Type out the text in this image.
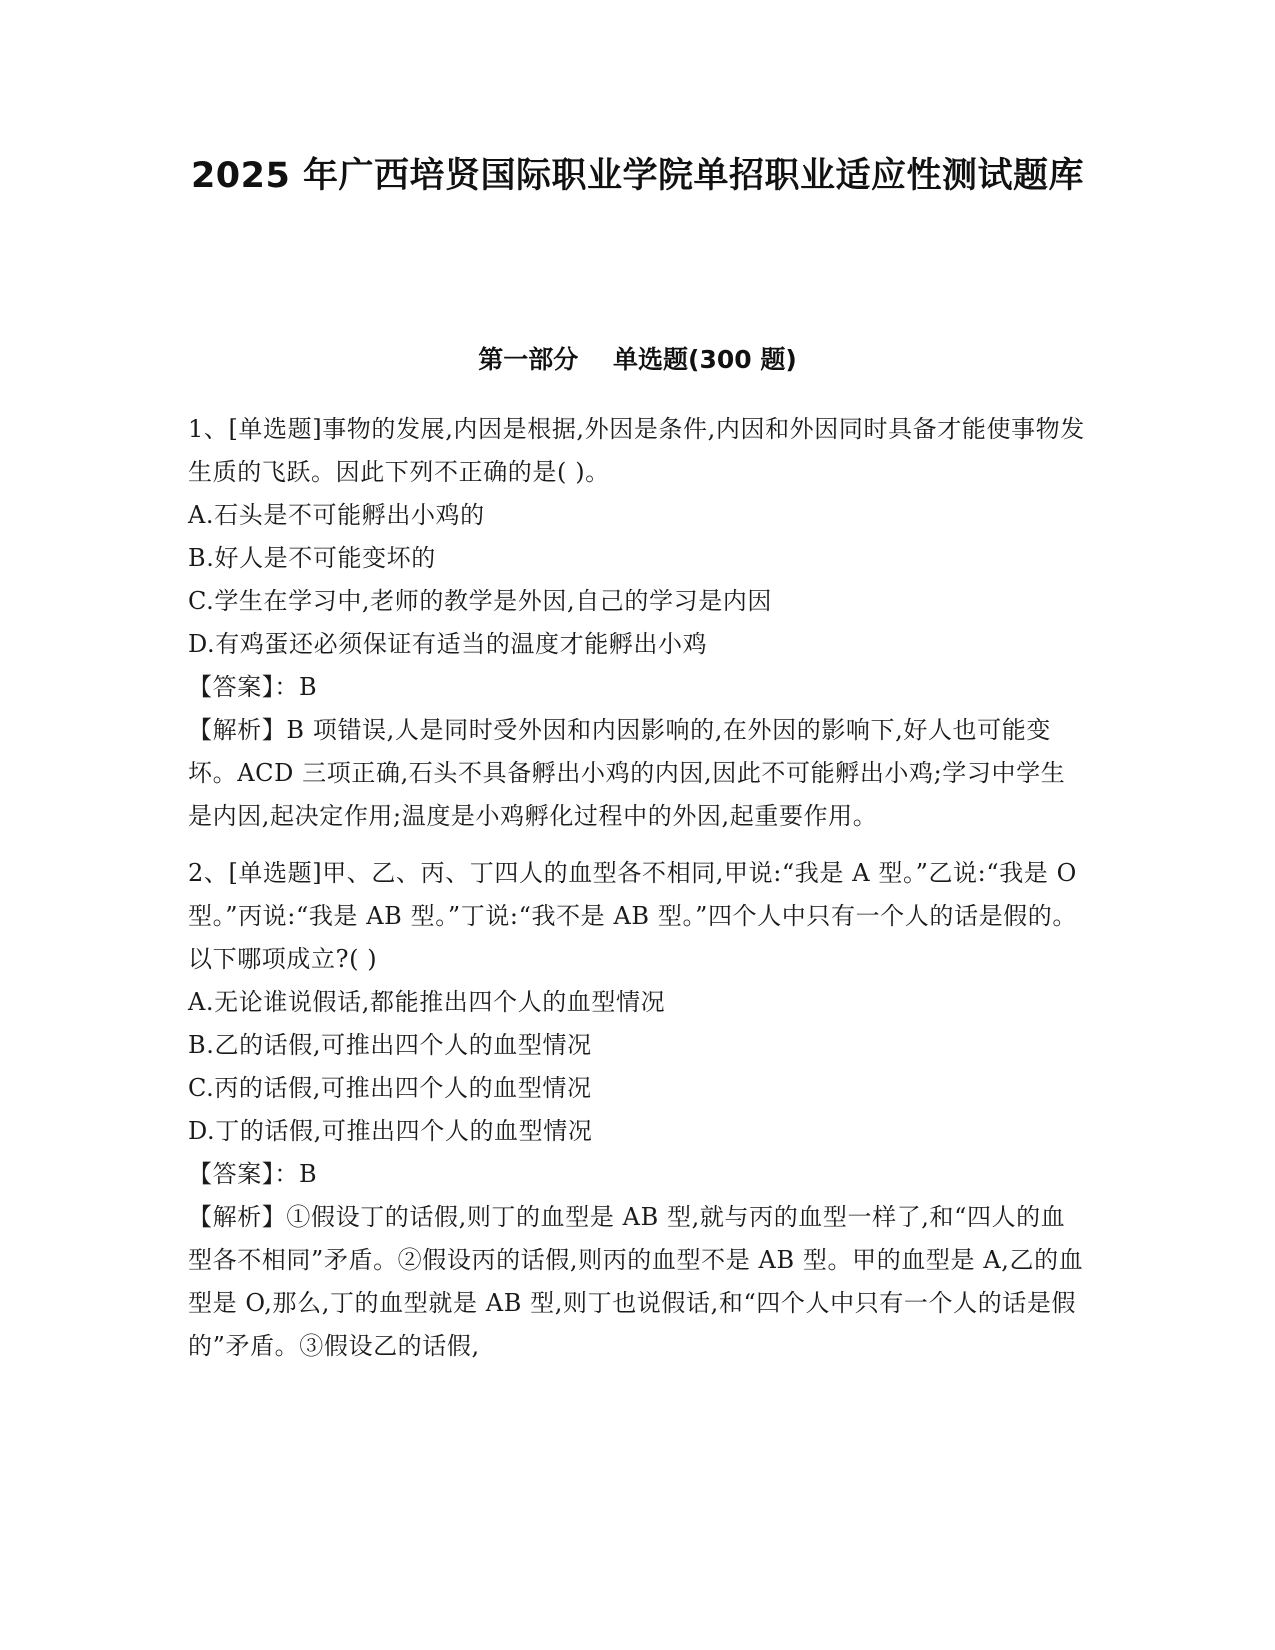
2025 年广西培贤国际职业学院单招职业适应性测试题库
第一部分    单选题(300 题)

1、[单选题]事物的发展,内因是根据,外因是条件,内因和外因同时具备才能使事物发生质的飞跃。因此下列不正确的是( )。

A.石头是不可能孵出小鸡的

B.好人是不可能变坏的

C.学生在学习中,老师的教学是外因,自己的学习是内因

D.有鸡蛋还必须保证有适当的温度才能孵出小鸡

【答案】：B

【解析】B 项错误,人是同时受外因和内因影响的,在外因的影响下,好人也可能变坏。ACD 三项正确,石头不具备孵出小鸡的内因,因此不可能孵出小鸡;学习中学生是内因,起决定作用;温度是小鸡孵化过程中的外因,起重要作用。

2、[单选题]甲、乙、丙、丁四人的血型各不相同,甲说:“我是 A 型。”乙说:“我是 O 型。”丙说:“我是 AB 型。”丁说:“我不是 AB 型。”四个人中只有一个人的话是假的。以下哪项成立?( )

A.无论谁说假话,都能推出四个人的血型情况

B.乙的话假,可推出四个人的血型情况

C.丙的话假,可推出四个人的血型情况

D.丁的话假,可推出四个人的血型情况

【答案】：B

【解析】①假设丁的话假,则丁的血型是 AB 型,就与丙的血型一样了,和“四人的血型各不相同”矛盾。②假设丙的话假,则丙的血型不是 AB 型。甲的血型是 A,乙的血型是 O,那么,丁的血型就是 AB 型,则丁也说假话,和“四个人中只有一个人的话是假的”矛盾。③假设乙的话假,
